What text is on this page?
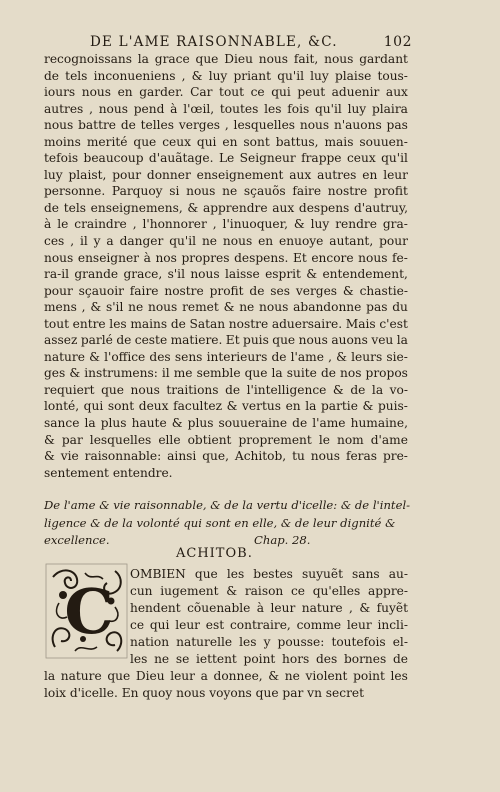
DE L'AME RAISONNABLE, &C.	102
recognoissans la grace que Dieu nous fait, nous gardant
de tels inconueniens , & luy priant qu'il luy plaise tous-
iours nous en garder. Car tout ce qui peut aduenir aux
autres , nous pend à l'œil, toutes les fois qu'il luy plaira
nous battre de telles verges , lesquelles nous n'auons pas
moins merité que ceux qui en sont battus, mais souuen-
tefois beaucoup d'auãtage. Le Seigneur frappe ceux qu'il
luy plaist, pour donner enseignement aux autres en leur
personne. Parquoy si nous ne sçauõs faire nostre profit
de tels enseignemens, & apprendre aux despens d'autruy,
à le craindre , l'honnorer , l'inuoquer, & luy rendre gra-
ces , il y a danger qu'il ne nous en enuoye autant, pour
nous enseigner à nos propres despens. Et encore nous fe-
ra-il grande grace, s'il nous laisse esprit & entendement,
pour sçauoir faire nostre profit de ses verges & chastie-
mens , & s'il ne nous remet & ne nous abandonne pas du
tout entre les mains de Satan nostre aduersaire. Mais c'est
assez parlé de ceste matiere. Et puis que nous auons veu la
nature & l'office des sens interieurs de l'ame , & leurs sie-
ges & instrumens: il me semble que la suite de nos propos
requiert que nous traitions de l'intelligence & de la vo-
lonté, qui sont deux facultez & vertus en la partie & puis-
sance la plus haute & plus souueraine de l'ame humaine,
& par lesquelles elle obtient proprement le nom d'ame
& vie raisonnable: ainsi que, Achitob, tu nous feras pre-
sentement entendre.
De l'ame & vie raisonnable, & de la vertu d'icelle: & de l'intel-
ligence & de la volonté qui sont en elle, & de leur dignité &
excellence.	Chap. 28.
ACHITOB.
C
OMBIEN que les bestes suyuẽt sans au-
cun iugement & raison ce qu'elles appre-
hendent cõuenable à leur nature , & fuyẽt
ce qui leur est contraire, comme leur incli-
nation naturelle les y pousse: toutefois el-
les ne se iettent point hors des bornes de
la nature que Dieu leur a donnee, & ne violent point les
loix d'icelle. En quoy nous voyons que par vn secret
